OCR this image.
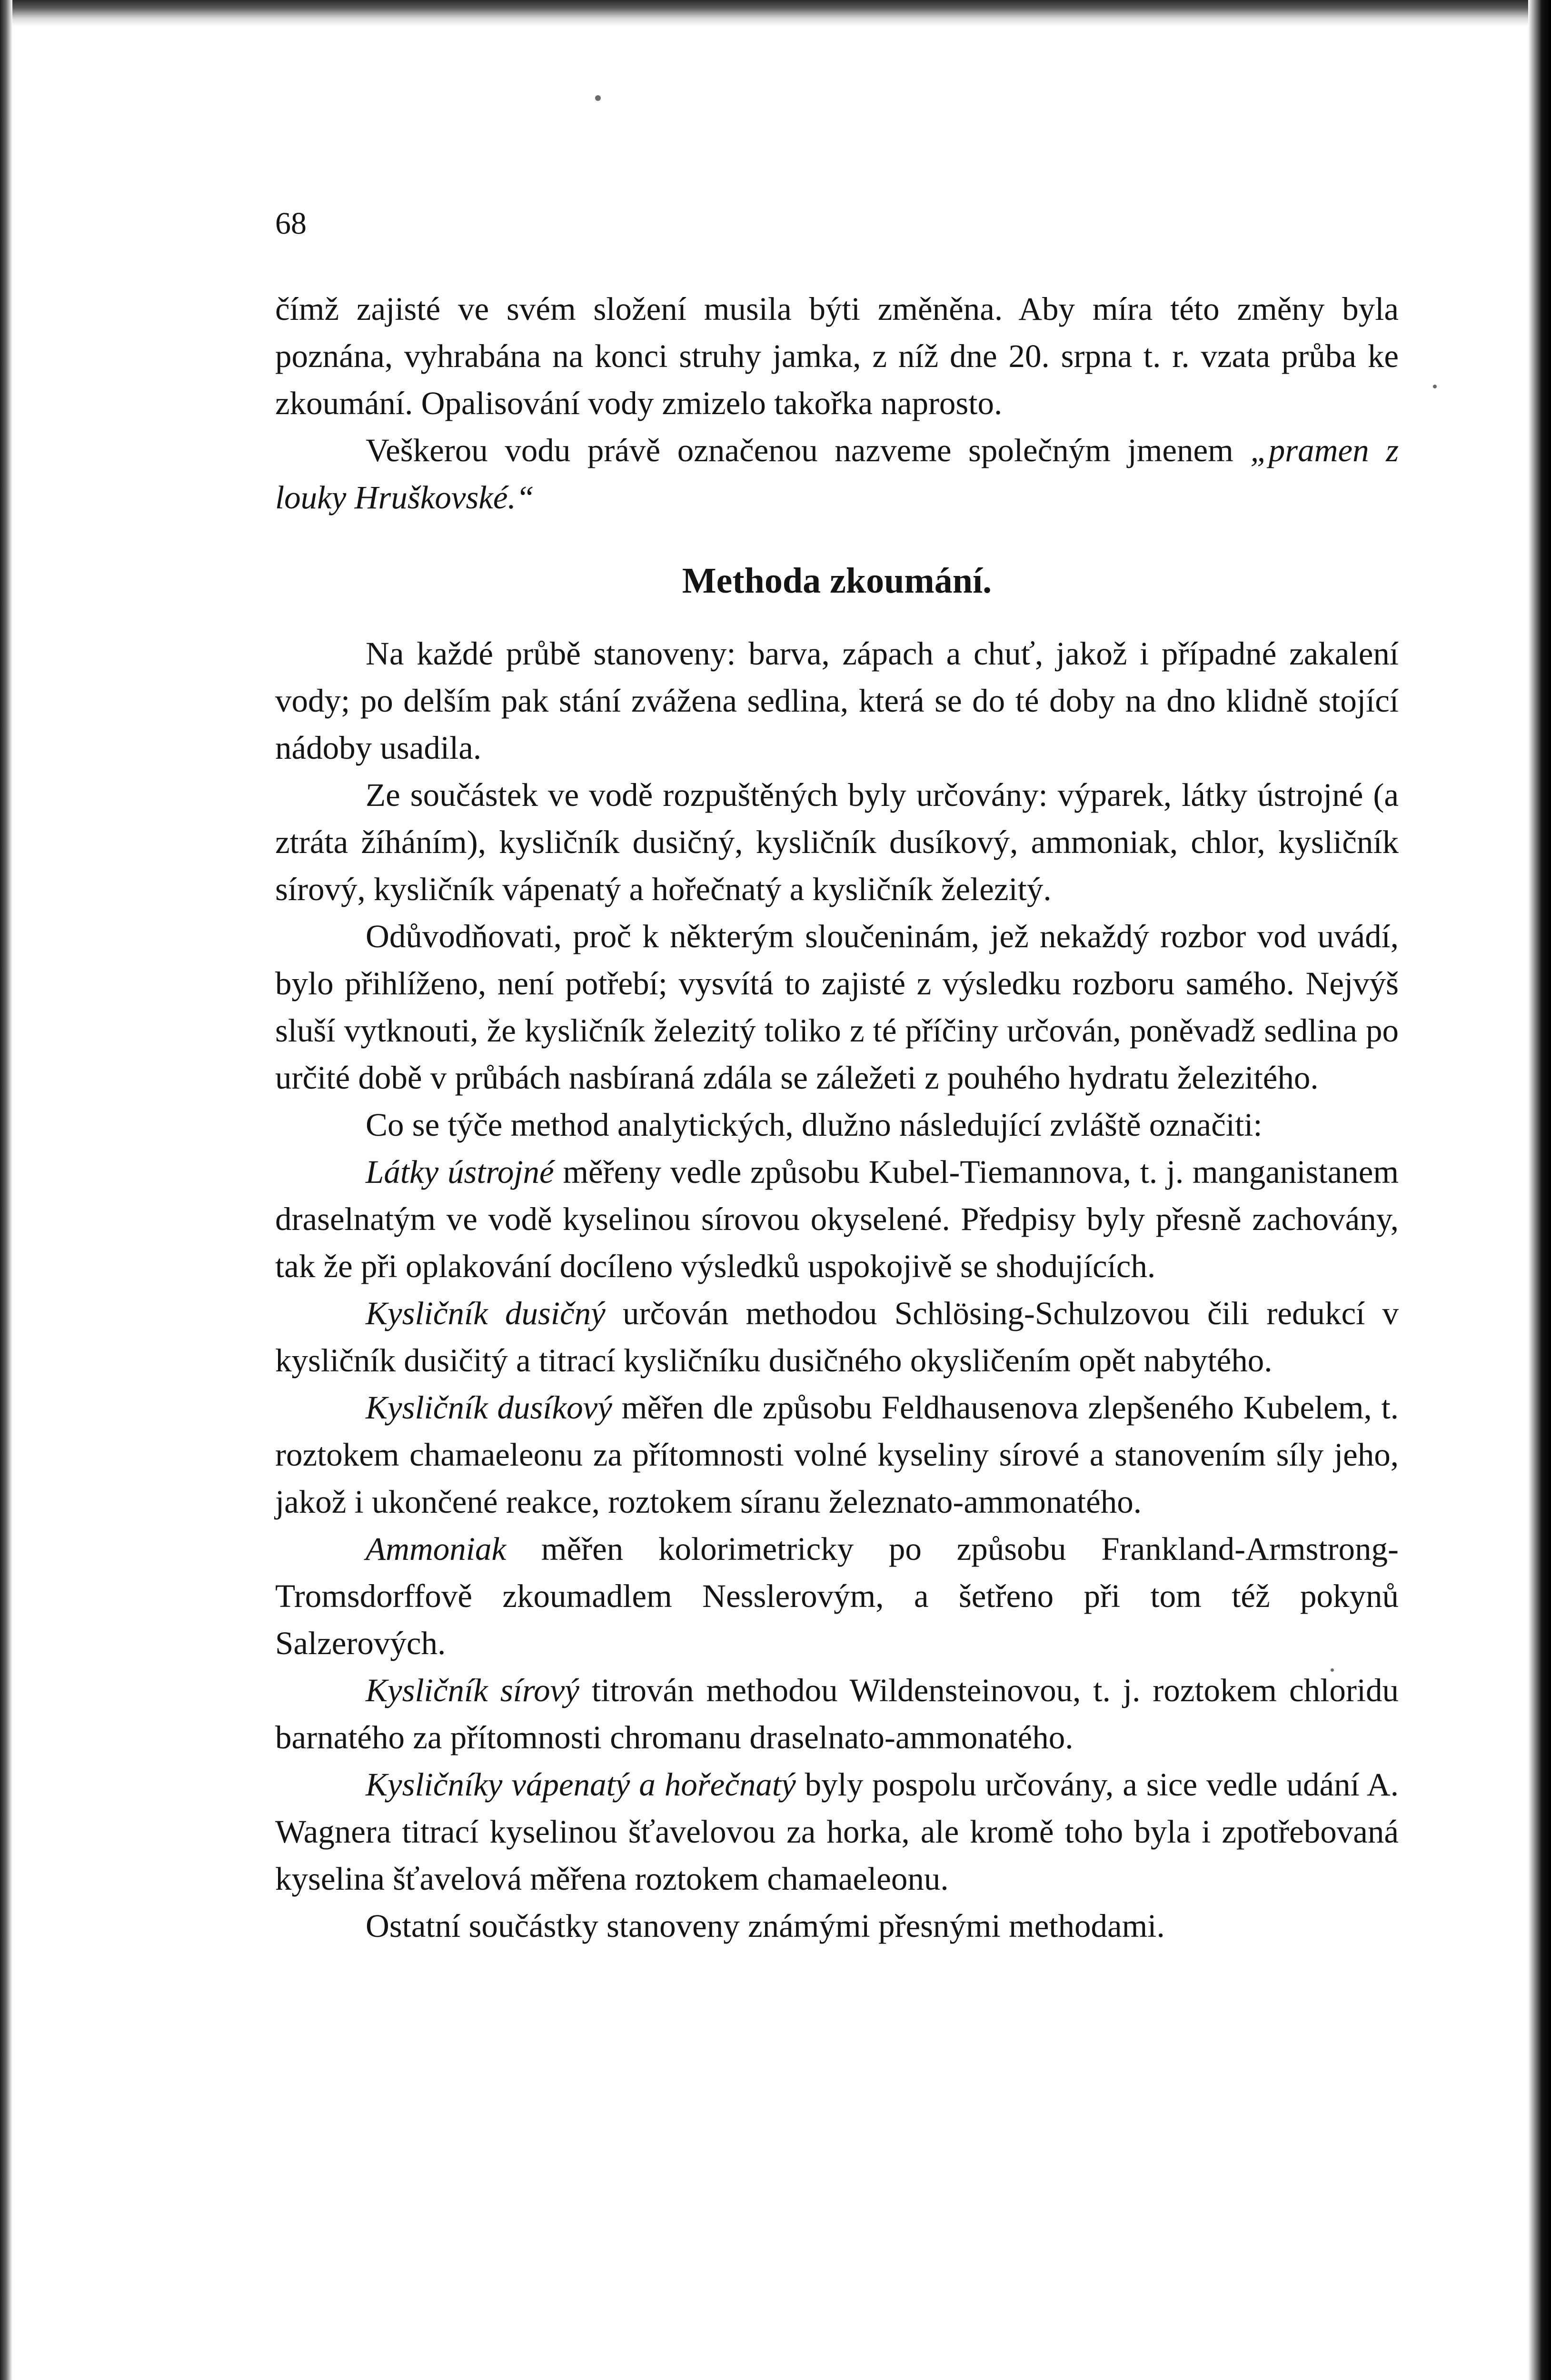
68

čímž zajisté ve svém složení musila býti změněna. Aby míra této změny byla poznána, vyhrabána na konci struhy jamka, z níž dne 20. srpna t. r. vzata průba ke zkoumání. Opalisování vody zmizelo takořka naprosto.

Veškerou vodu právě označenou nazveme společným jmenem „pramen z louky Hruškovské.“

Methoda zkoumání.

Na každé průbě stanoveny: barva, zápach a chuť, jakož i případné zakalení vody; po delším pak stání zvážena sedlina, která se do té doby na dno klidně stojící nádoby usadila.

Ze součástek ve vodě rozpuštěných byly určovány: výparek, látky ústrojné (a ztráta žíháním), kysličník dusičný, kysličník dusíkový, ammoniak, chlor, kysličník sírový, kysličník vápenatý a hořečnatý a kysličník železitý.

Odůvodňovati, proč k některým sloučeninám, jež nekaždý rozbor vod uvádí, bylo přihlíženo, není potřebí; vysvítá to zajisté z výsledku rozboru samého. Nejvýš sluší vytknouti, že kysličník železitý toliko z té příčiny určován, poněvadž sedlina po určité době v průbách nasbíraná zdála se záležeti z pouhého hydratu železitého.

Co se týče method analytických, dlužno následující zvláště označiti:

Látky ústrojné měřeny vedle způsobu Kubel-Tiemannova, t. j. manganistanem draselnatým ve vodě kyselinou sírovou okyselené. Předpisy byly přesně zachovány, tak že při oplakování docíleno výsledků uspokojivě se shodujících.

Kysličník dusičný určován methodou Schlösing-Schulzovou čili redukcí v kysličník dusičitý a titrací kysličníku dusičného okysličením opět nabytého.

Kysličník dusíkový měřen dle způsobu Feldhausenova zlepšeného Kubelem, t. roztokem chamaeleonu za přítomnosti volné kyseliny sírové a stanovením síly jeho, jakož i ukončené reakce, roztokem síranu železnato-ammonatého.

Ammoniak měřen kolorimetricky po způsobu Frankland-Armstrong-Tromsdorffově zkoumadlem Nesslerovým, a šetřeno při tom též pokynů Salzerových.

Kysličník sírový titrován methodou Wildensteinovou, t. j. roztokem chloridu barnatého za přítomnosti chromanu draselnato-ammonatého.

Kysličníky vápenatý a hořečnatý byly pospolu určovány, a sice vedle udání A. Wagnera titrací kyselinou šťavelovou za horka, ale kromě toho byla i zpotřebovaná kyselina šťavelová měřena roztokem chamaeleonu.

Ostatní součástky stanoveny známými přesnými methodami.
